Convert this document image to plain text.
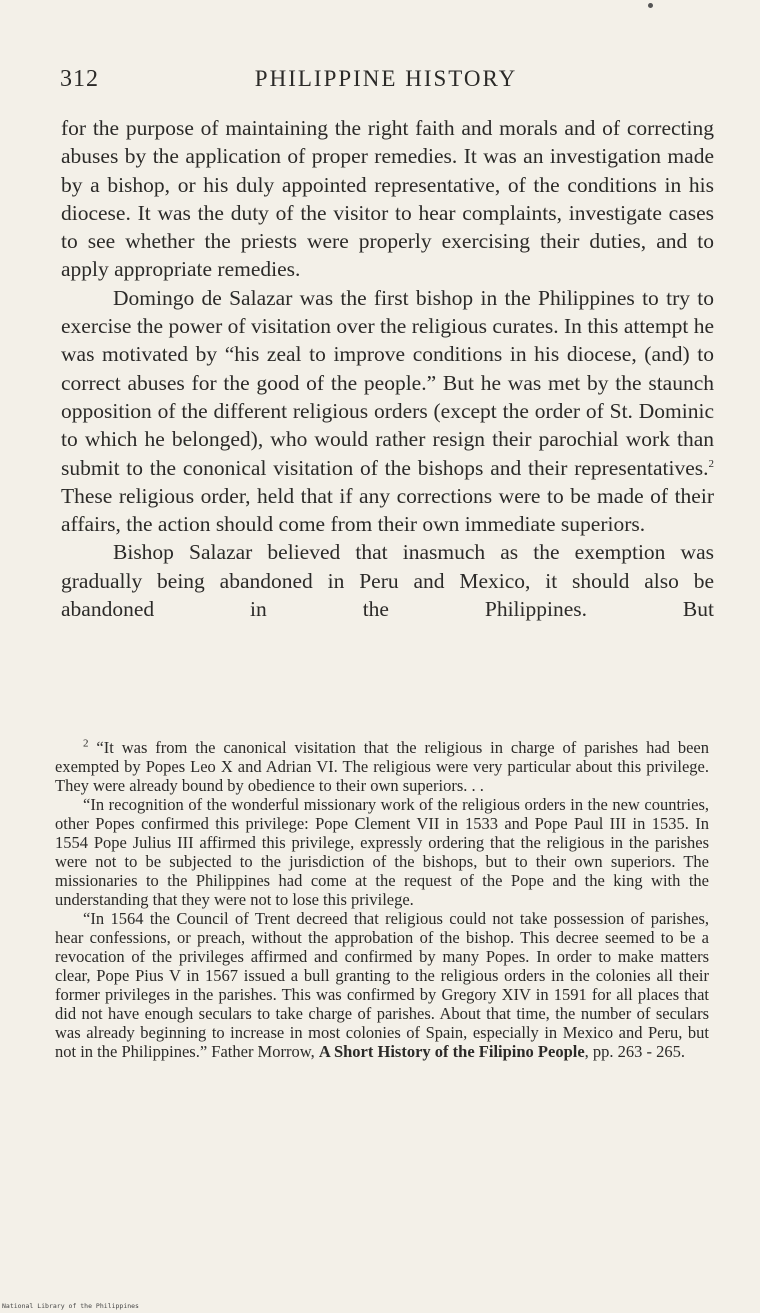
312	PHILIPPINE HISTORY

for the purpose of maintaining the right faith and morals and of correcting abuses by the application of proper remedies. It was an investigation made by a bishop, or his duly appointed representative, of the conditions in his diocese. It was the duty of the visitor to hear complaints, investigate cases to see whether the priests were properly exercising their duties, and to apply appropriate remedies.

Domingo de Salazar was the first bishop in the Philippines to try to exercise the power of visitation over the religious curates. In this attempt he was motivated by “his zeal to improve conditions in his diocese, (and) to correct abuses for the good of the people.” But he was met by the staunch opposition of the different religious orders (except the order of St. Dominic to which he belonged), who would rather resign their parochial work than submit to the cononical visitation of the bishops and their representatives.$^2$ These religious order, held that if any corrections were to be made of their affairs, the action should come from their own immediate superiors.

Bishop Salazar believed that inasmuch as the exemption was gradually being abandoned in Peru and Mexico, it should also be abandoned in the Philippines. But

$^2$ “It was from the canonical visitation that the religious in charge of parishes had been exempted by Popes Leo X and Adrian VI. The religious were very particular about this privilege. They were already bound by obedience to their own superiors. . .

“In recognition of the wonderful missionary work of the religious orders in the new countries, other Popes confirmed this privilege: Pope Clement VII in 1533 and Pope Paul III in 1535. In 1554 Pope Julius III affirmed this privilege, expressly ordering that the religious in the parishes were not to be subjected to the jurisdiction of the bishops, but to their own superiors. The missionaries to the Philippines had come at the request of the Pope and the king with the understanding that they were not to lose this privilege.

“In 1564 the Council of Trent decreed that religious could not take possession of parishes, hear confessions, or preach, without the approbation of the bishop. This decree seemed to be a revocation of the privileges affirmed and confirmed by many Popes. In order to make matters clear, Pope Pius V in 1567 issued a bull granting to the religious orders in the colonies all their former privileges in the parishes. This was confirmed by Gregory XIV in 1591 for all places that did not have enough seculars to take charge of parishes. About that time, the number of seculars was already beginning to increase in most colonies of Spain, especially in Mexico and Peru, but not in the Philippines.” Father Morrow, A Short History of the Filipino People, pp. 263 - 265.

National Library of the Philippines
